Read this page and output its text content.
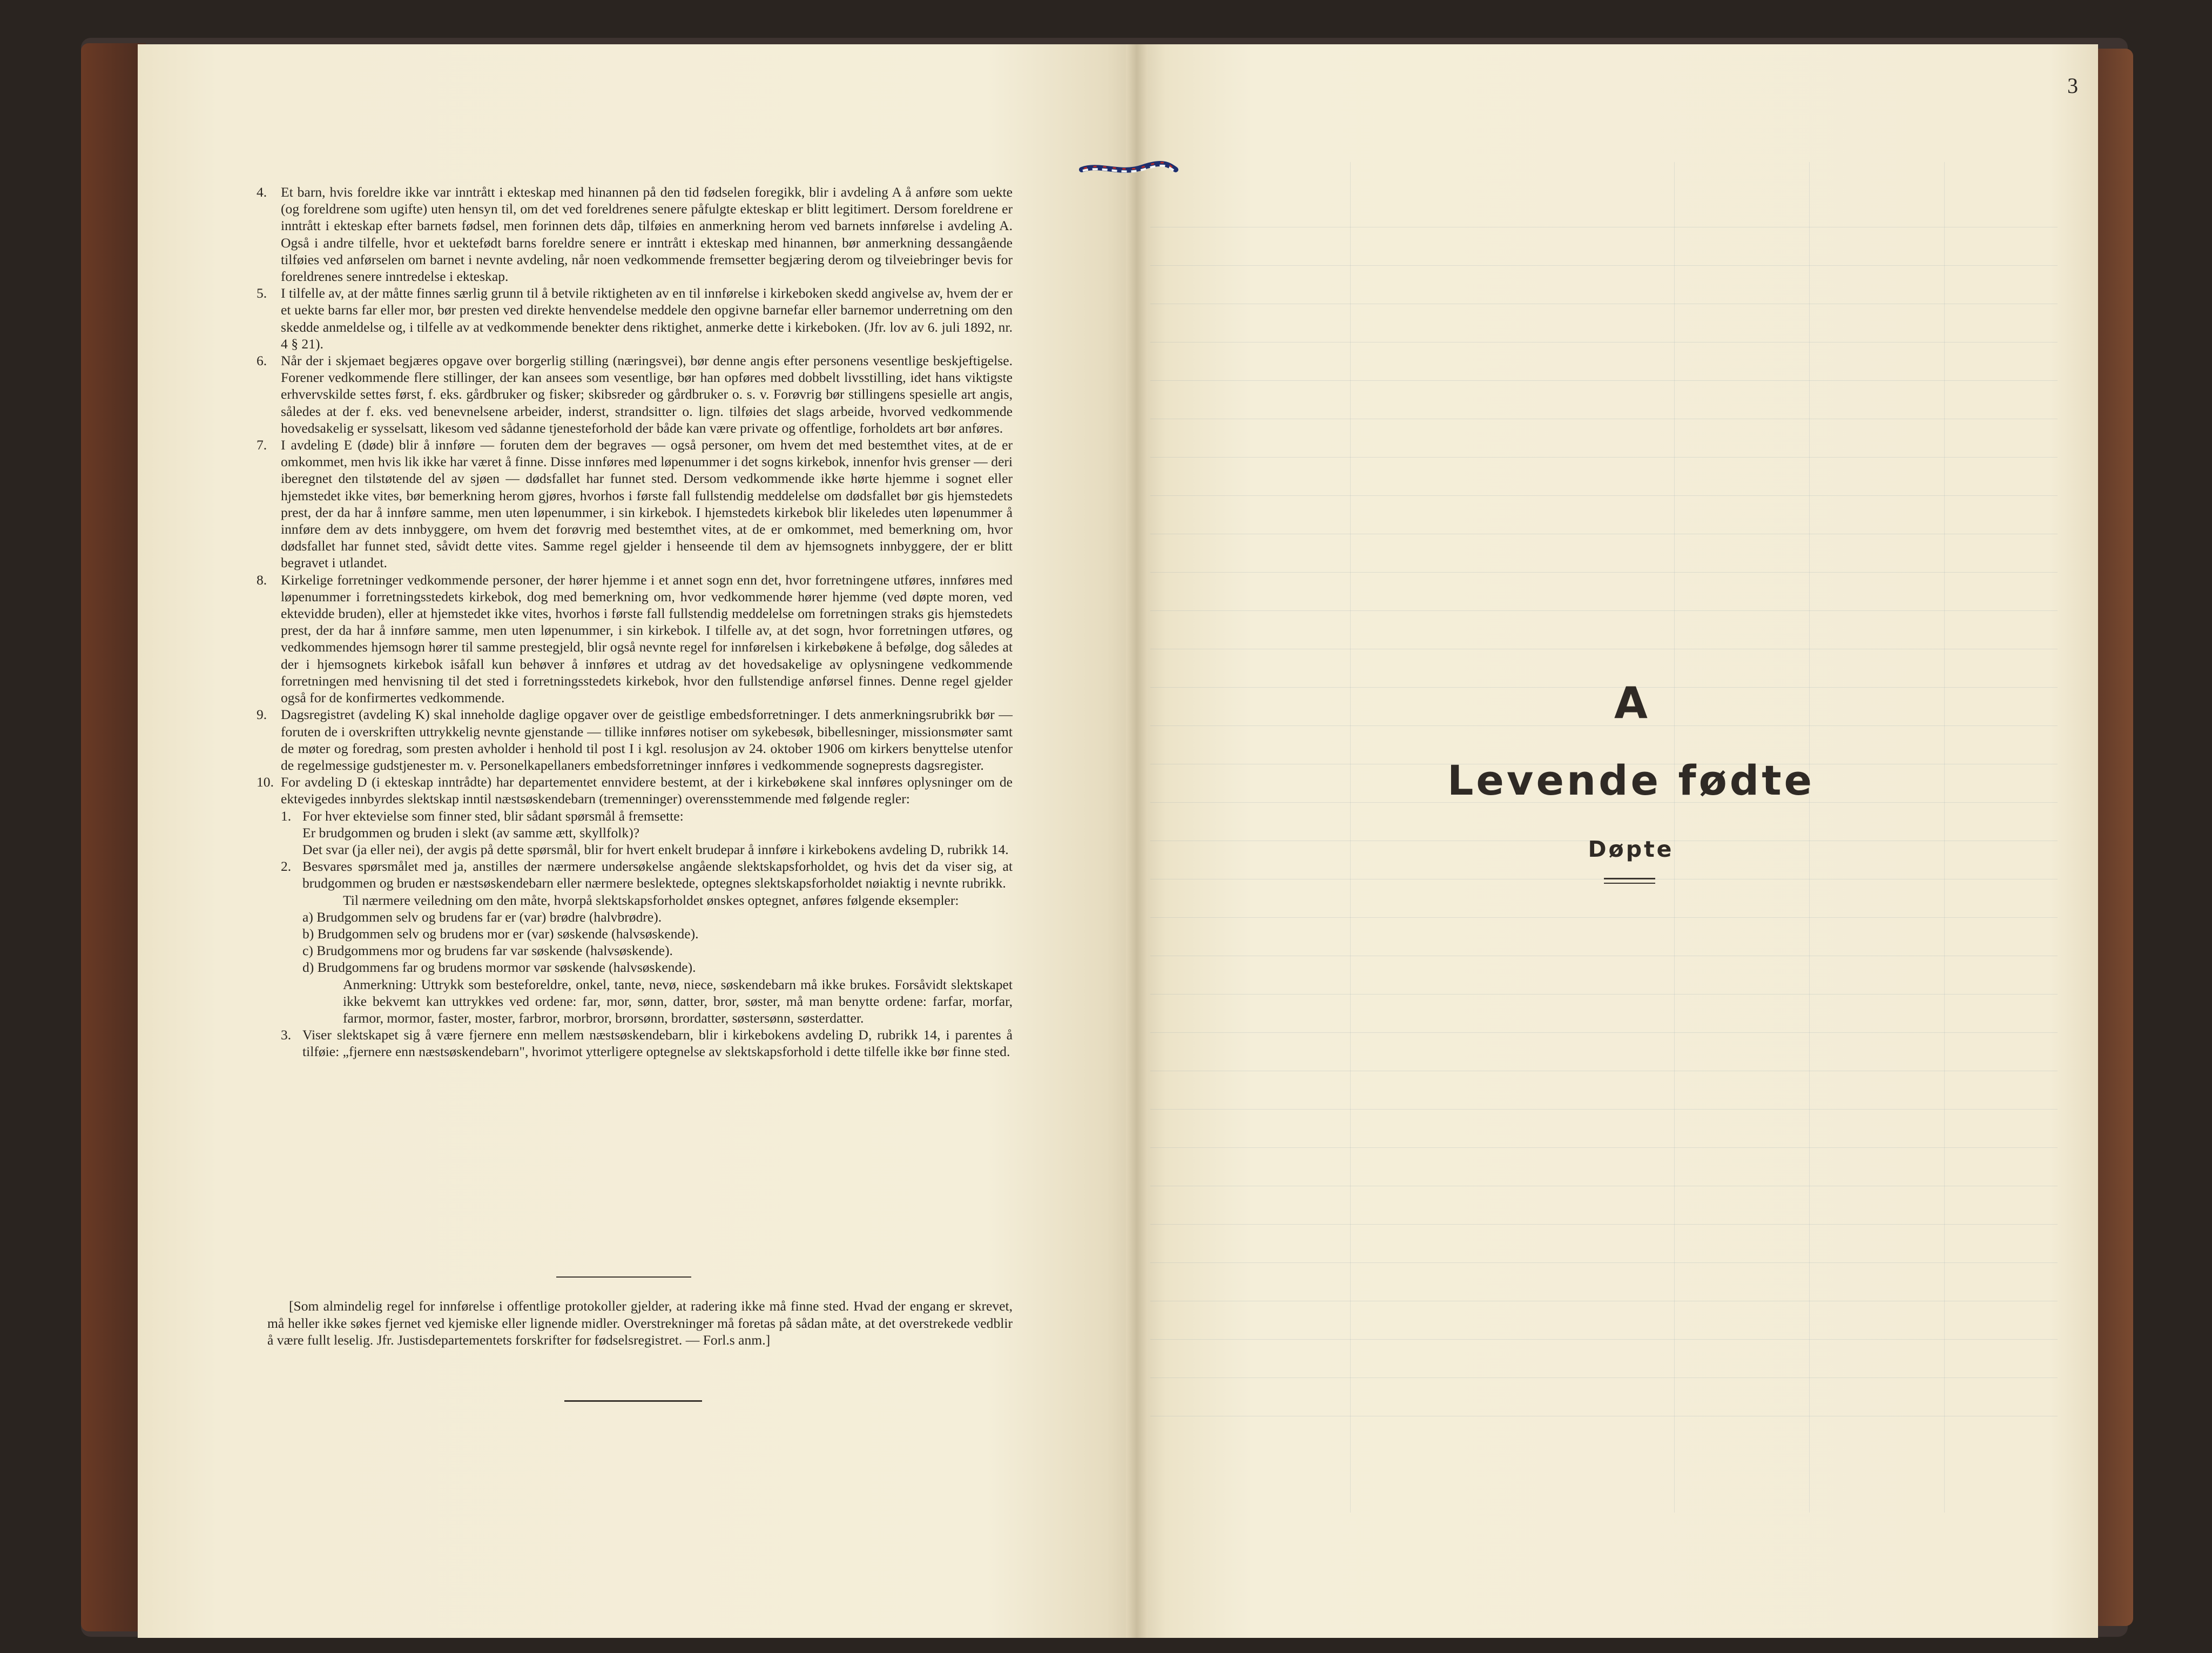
3
4. Et barn, hvis foreldre ikke var inntrått i ekteskap med hinannen på den tid fødselen foregikk, blir i avdeling A å anføre som uekte (og foreldrene som ugifte) uten hensyn til, om det ved foreldrenes senere påfulgte ekteskap er blitt legitimert. Dersom foreldrene er inntrått i ekteskap efter barnets fødsel, men forinnen dets dåp, tilføies en anmerkning herom ved barnets innførelse i avdeling A. Også i andre tilfelle, hvor et uektefødt barns foreldre senere er inntrått i ekteskap med hinannen, bør anmerkning dessangående tilføies ved anførselen om barnet i nevnte avdeling, når noen vedkommende fremsetter begjæring derom og tilveiebringer bevis for foreldrenes senere inntredelse i ekteskap.
5. I tilfelle av, at der måtte finnes særlig grunn til å betvile riktigheten av en til innførelse i kirkeboken skedd angivelse av, hvem der er et uekte barns far eller mor, bør presten ved direkte henvendelse meddele den opgivne barnefar eller barnemor underretning om den skedde anmeldelse og, i tilfelle av at vedkommende benekter dens riktighet, anmerke dette i kirkeboken. (Jfr. lov av 6. juli 1892, nr. 4 § 21).
6. Når der i skjemaet begjæres opgave over borgerlig stilling (næringsvei), bør denne angis efter personens vesentlige beskjeftigelse. Forener vedkommende flere stillinger, der kan ansees som vesentlige, bør han opføres med dobbelt livsstilling, idet hans viktigste erhvervskilde settes først, f. eks. gårdbruker og fisker; skibsreder og gårdbruker o. s. v. Forøvrig bør stillingens spesielle art angis, således at der f. eks. ved benevnelsene arbeider, inderst, strandsitter o. lign. tilføies det slags arbeide, hvorved vedkommende hovedsakelig er sysselsatt, likesom ved sådanne tjenesteforhold der både kan være private og offentlige, forholdets art bør anføres.
7. I avdeling E (døde) blir å innføre — foruten dem der begraves — også personer, om hvem det med bestemthet vites, at de er omkommet, men hvis lik ikke har været å finne. Disse innføres med løpenummer i det sogns kirkebok, innenfor hvis grenser — deri iberegnet den tilstøtende del av sjøen — dødsfallet har funnet sted. Dersom vedkommende ikke hørte hjemme i sognet eller hjemstedet ikke vites, bør bemerkning herom gjøres, hvorhos i første fall fullstendig meddelelse om dødsfallet bør gis hjemstedets prest, der da har å innføre samme, men uten løpenummer, i sin kirkebok. I hjemstedets kirkebok blir likeledes uten løpenummer å innføre dem av dets innbyggere, om hvem det forøvrig med bestemthet vites, at de er omkommet, med bemerkning om, hvor dødsfallet har funnet sted, såvidt dette vites. Samme regel gjelder i henseende til dem av hjemsognets innbyggere, der er blitt begravet i utlandet.
8. Kirkelige forretninger vedkommende personer, der hører hjemme i et annet sogn enn det, hvor forretningene utføres, innføres med løpenummer i forretningsstedets kirkebok, dog med bemerkning om, hvor vedkommende hører hjemme (ved døpte moren, ved ektevidde bruden), eller at hjemstedet ikke vites, hvorhos i første fall fullstendig meddelelse om forretningen straks gis hjemstedets prest, der da har å innføre samme, men uten løpenummer, i sin kirkebok. I tilfelle av, at det sogn, hvor forretningen utføres, og vedkommendes hjemsogn hører til samme prestegjeld, blir også nevnte regel for innførelsen i kirkebøkene å befølge, dog således at der i hjemsognets kirkebok isåfall kun behøver å innføres et utdrag av det hovedsakelige av oplysningene vedkommende forretningen med henvisning til det sted i forretningsstedets kirkebok, hvor den fullstendige anførsel finnes. Denne regel gjelder også for de konfirmertes vedkommende.
9. Dagsregistret (avdeling K) skal inneholde daglige opgaver over de geistlige embedsforretninger. I dets anmerkningsrubrikk bør — foruten de i overskriften uttrykkelig nevnte gjenstande — tillike innføres notiser om sykebesøk, bibellesninger, missionsmøter samt de møter og foredrag, som presten avholder i henhold til post I i kgl. resolusjon av 24. oktober 1906 om kirkers benyttelse utenfor de regelmessige gudstjenester m. v. Personelkapellaners embedsforretninger innføres i vedkommende sogneprests dagsregister.
10. For avdeling D (i ekteskap inntrådte) har departementet ennvidere bestemt, at der i kirkebøkene skal innføres oplysninger om de ektevigedes innbyrdes slektskap inntil næstsøskendebarn (tremenninger) overensstemmende med følgende regler:
1. For hver ektevielse som finner sted, blir sådant spørsmål å fremsette:
Er brudgommen og bruden i slekt (av samme ætt, skyllfolk)?
Det svar (ja eller nei), der avgis på dette spørsmål, blir for hvert enkelt brudepar å innføre i kirkebokens avdeling D, rubrikk 14.
2. Besvares spørsmålet med ja, anstilles der nærmere undersøkelse angående slektskapsforholdet, og hvis det da viser sig, at brudgommen og bruden er næstsøskendebarn eller nærmere beslektede, optegnes slektskapsforholdet nøiaktig i nevnte rubrikk.
Til nærmere veiledning om den måte, hvorpå slektskapsforholdet ønskes optegnet, anføres følgende eksempler:
a) Brudgommen selv og brudens far er (var) brødre (halvbrødre).
b) Brudgommen selv og brudens mor er (var) søskende (halvsøskende).
c) Brudgommens mor og brudens far var søskende (halvsøskende).
d) Brudgommens far og brudens mormor var søskende (halvsøskende).
Anmerkning: Uttrykk som besteforeldre, onkel, tante, nevø, niece, søskendebarn må ikke brukes. Forsåvidt slektskapet ikke bekvemt kan uttrykkes ved ordene: far, mor, sønn, datter, bror, søster, må man benytte ordene: farfar, morfar, farmor, mormor, faster, moster, farbror, morbror, brorsønn, brordatter, søstersønn, søsterdatter.
3. Viser slektskapet sig å være fjernere enn mellem næstsøskendebarn, blir i kirkebokens avdeling D, rubrikk 14, i parentes å tilføie: „fjernere enn næstsøskendebarn", hvorimot ytterligere optegnelse av slektskapsforhold i dette tilfelle ikke bør finne sted.
[Som almindelig regel for innførelse i offentlige protokoller gjelder, at radering ikke må finne sted. Hvad der engang er skrevet, må heller ikke søkes fjernet ved kjemiske eller lignende midler. Overstrekninger må foretas på sådan måte, at det overstrekede vedblir å være fullt leselig. Jfr. Justisdepartementets forskrifter for fødselsregistret. — Forl.s anm.]
A
Levende fødte
Døpte
